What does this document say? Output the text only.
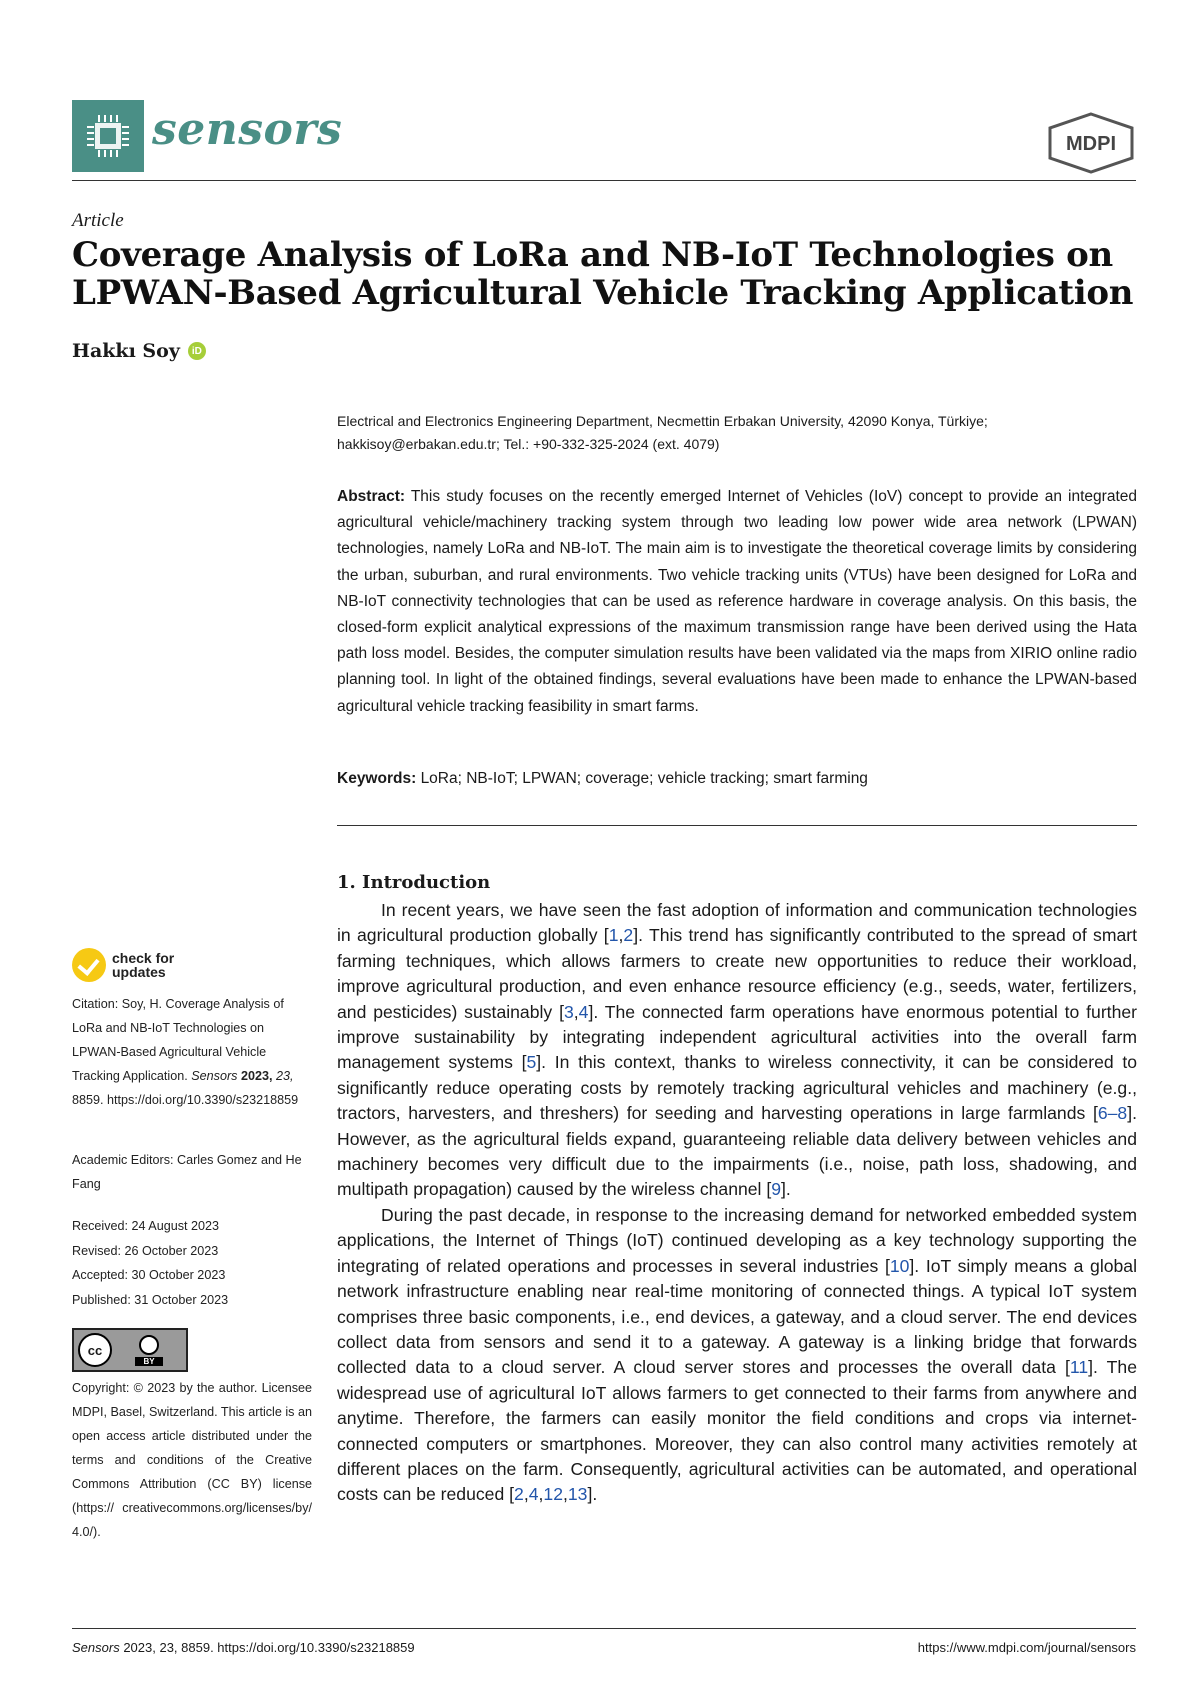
sensors	MDPI
Article
Coverage Analysis of LoRa and NB-IoT Technologies on LPWAN-Based Agricultural Vehicle Tracking Application
Hakkı Soy	iD
Electrical and Electronics Engineering Department, Necmettin Erbakan University, 42090 Konya, Türkiye;
hakkisoy@erbakan.edu.tr; Tel.: +90-332-325-2024 (ext. 4079)

Abstract: This study focuses on the recently emerged Internet of Vehicles (IoV) concept to provide an integrated agricultural vehicle/machinery tracking system through two leading low power wide area network (LPWAN) technologies, namely LoRa and NB-IoT. The main aim is to investigate the theoretical coverage limits by considering the urban, suburban, and rural environments. Two vehicle tracking units (VTUs) have been designed for LoRa and NB-IoT connectivity technologies that can be used as reference hardware in coverage analysis. On this basis, the closed-form explicit analytical expressions of the maximum transmission range have been derived using the Hata path loss model. Besides, the computer simulation results have been validated via the maps from XIRIO online radio planning tool. In light of the obtained findings, several evaluations have been made to enhance the LPWAN-based agricultural vehicle tracking feasibility in smart farms.

Keywords: LoRa; NB-IoT; LPWAN; coverage; vehicle tracking; smart farming
1. Introduction

In recent years, we have seen the fast adoption of information and communication technologies in agricultural production globally [1,2]. This trend has significantly contributed to the spread of smart farming techniques, which allows farmers to create new opportunities to reduce their workload, improve agricultural production, and even enhance resource efficiency (e.g., seeds, water, fertilizers, and pesticides) sustainably [3,4]. The connected farm operations have enormous potential to further improve sustainability by integrating independent agricultural activities into the overall farm management systems [5]. In this context, thanks to wireless connectivity, it can be considered to significantly reduce operating costs by remotely tracking agricultural vehicles and machinery (e.g., tractors, harvesters, and threshers) for seeding and harvesting operations in large farmlands [6–8]. However, as the agricultural fields expand, guaranteeing reliable data delivery between vehicles and machinery becomes very difficult due to the impairments (i.e., noise, path loss, shadowing, and multipath propagation) caused by the wireless channel [9].

During the past decade, in response to the increasing demand for networked embedded system applications, the Internet of Things (IoT) continued developing as a key technology supporting the integrating of related operations and processes in several industries [10]. IoT simply means a global network infrastructure enabling near real-time monitoring of connected things. A typical IoT system comprises three basic components, i.e., end devices, a gateway, and a cloud server. The end devices collect data from sensors and send it to a gateway. A gateway is a linking bridge that forwards collected data to a cloud server. A cloud server stores and processes the overall data [11]. The widespread use of agricultural IoT allows farmers to get connected to their farms from anywhere and anytime. Therefore, the farmers can easily monitor the field conditions and crops via internet-connected computers or smartphones. Moreover, they can also control many activities remotely at different places on the farm. Consequently, agricultural activities can be automated, and operational costs can be reduced [2,4,12,13].

check for
updates
Citation: Soy, H. Coverage Analysis of LoRa and NB-IoT Technologies on LPWAN-Based Agricultural Vehicle Tracking Application. Sensors 2023, 23, 8859. https://doi.org/10.3390/s23218859
Academic Editors: Carles Gomez and He Fang
Received: 24 August 2023
Revised: 26 October 2023
Accepted: 30 October 2023
Published: 31 October 2023
cc
BY
Copyright: © 2023 by the author. Licensee MDPI, Basel, Switzerland. This article is an open access article distributed under the terms and conditions of the Creative Commons Attribution (CC BY) license (https:// creativecommons.org/licenses/by/ 4.0/).
Sensors 2023, 23, 8859. https://doi.org/10.3390/s23218859	https://www.mdpi.com/journal/sensors
